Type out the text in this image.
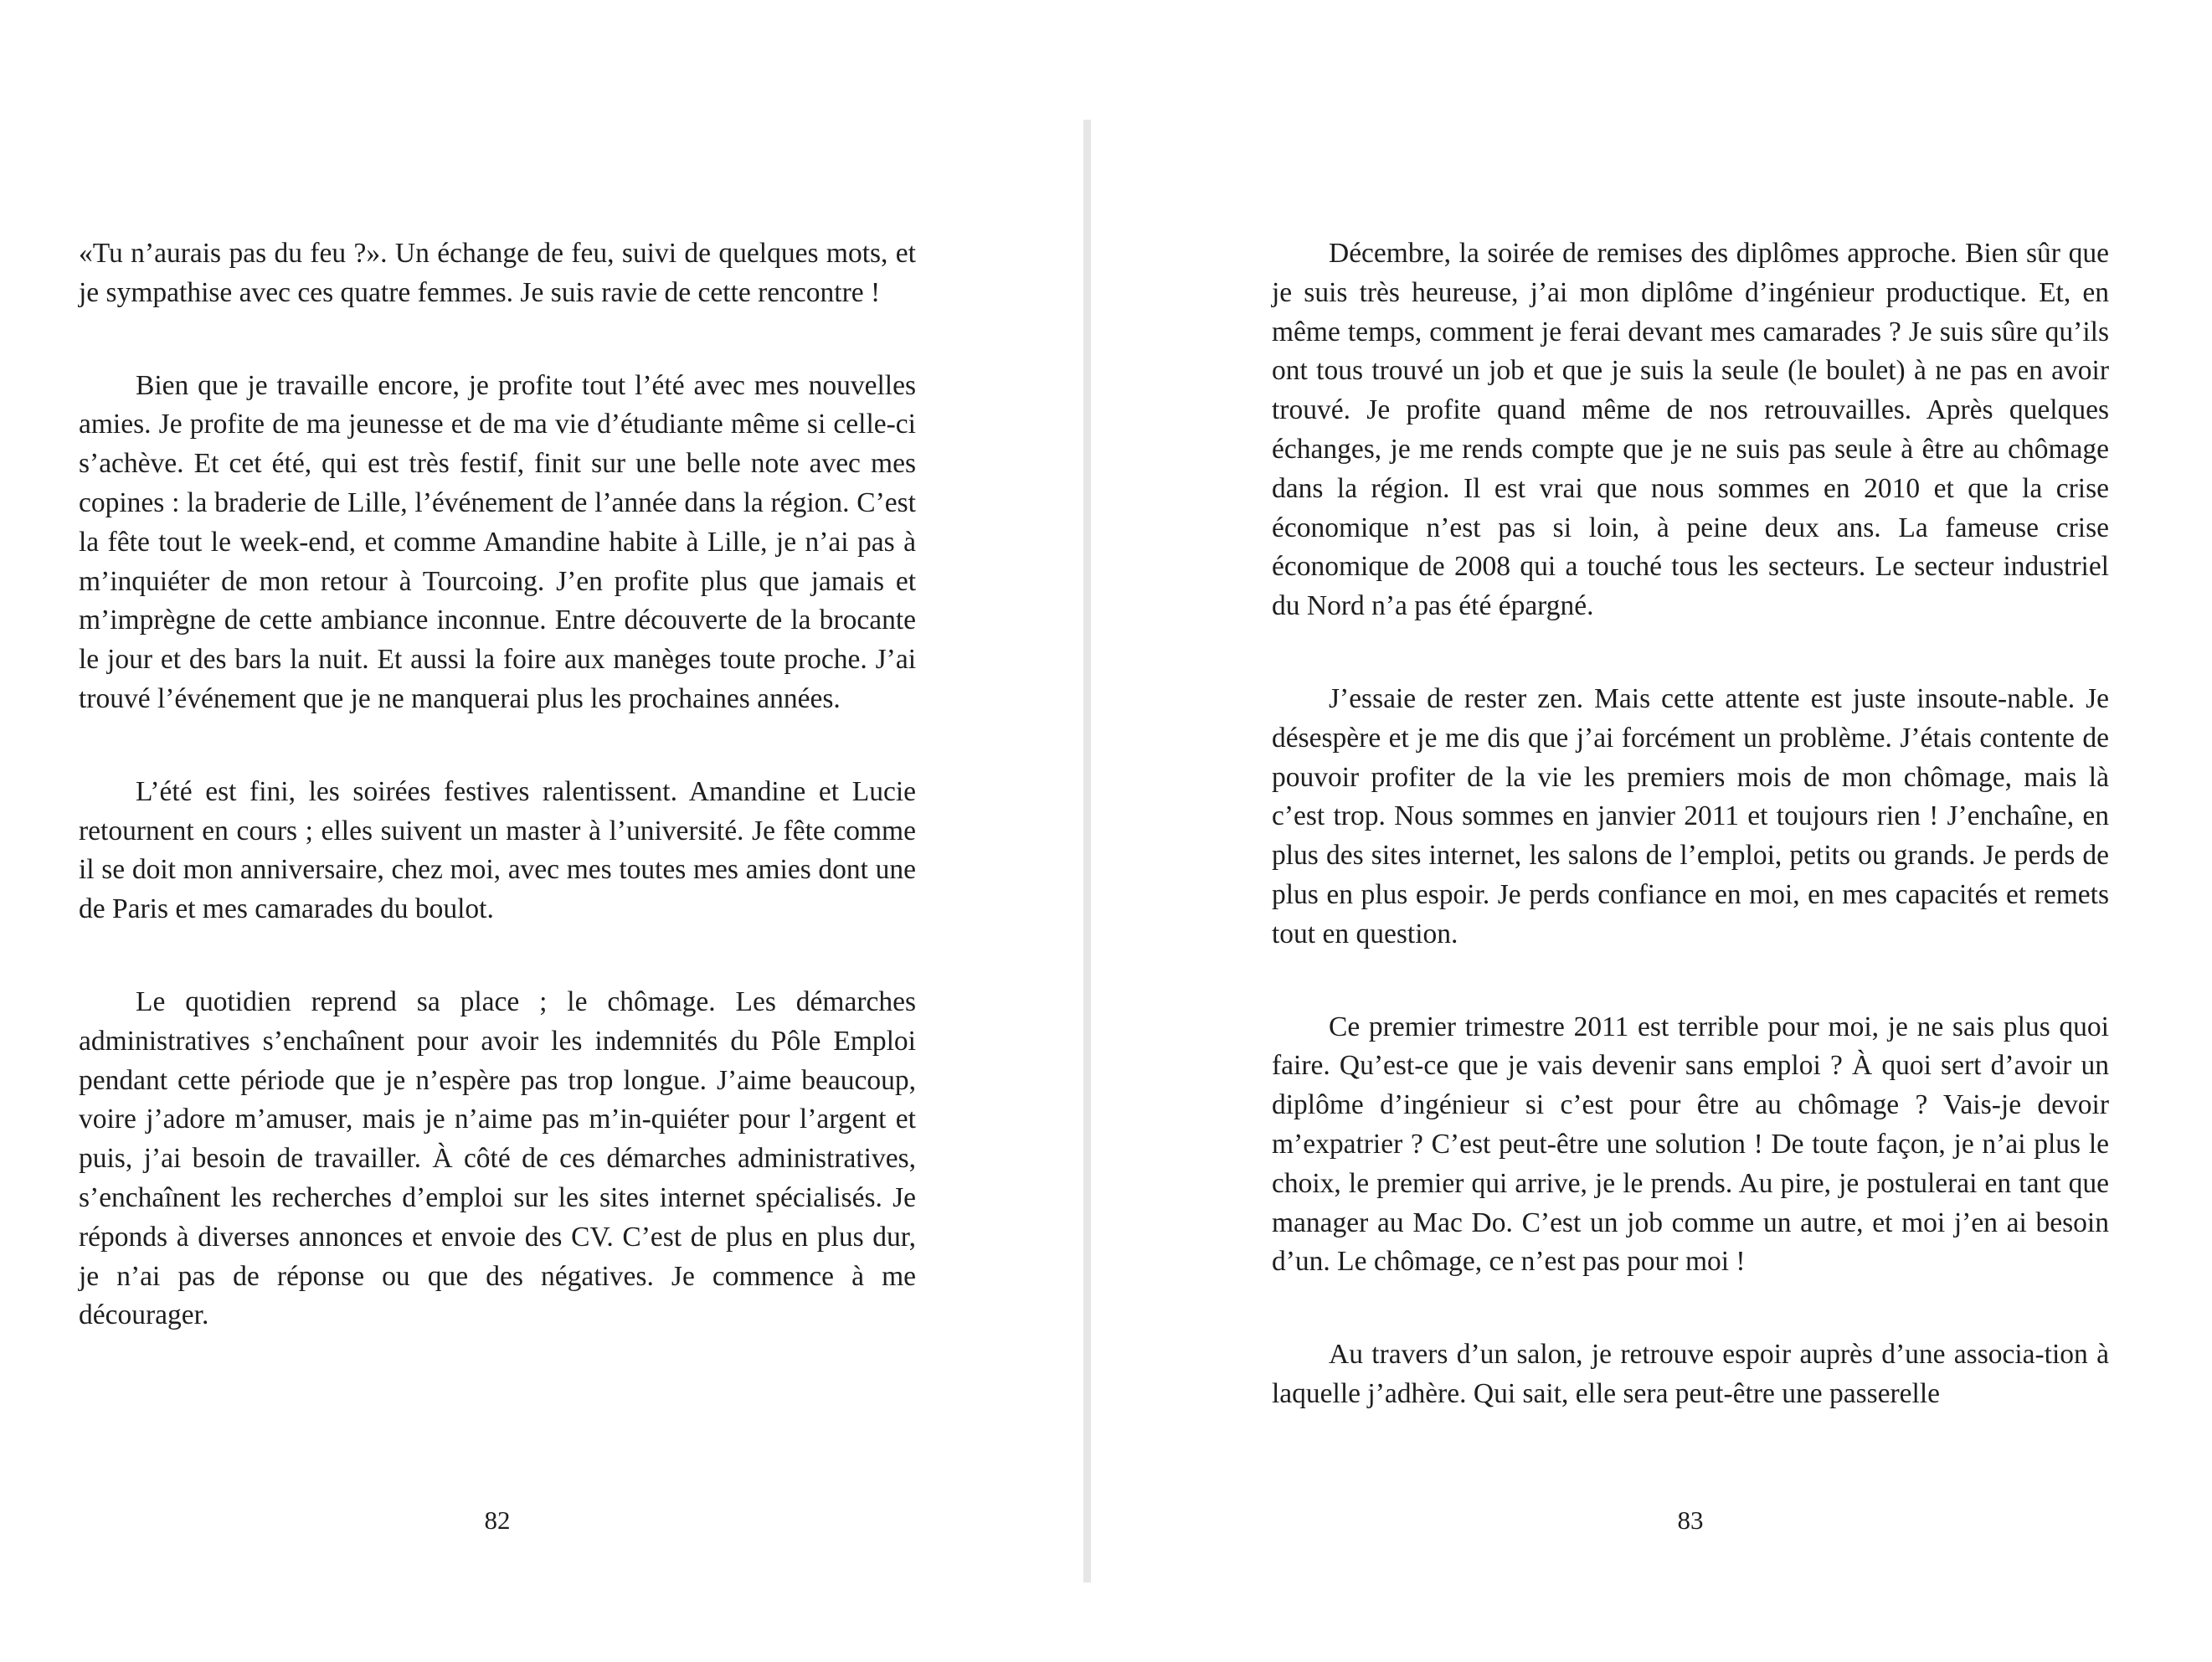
«Tu n’aurais pas du feu ?». Un échange de feu, suivi de quelques mots, et je sympathise avec ces quatre femmes. Je suis ravie de cette rencontre !

Bien que je travaille encore, je profite tout l’été avec mes nouvelles amies. Je profite de ma jeunesse et de ma vie d’étudiante même si celle-ci s’achève. Et cet été, qui est très festif, finit sur une belle note avec mes copines : la braderie de Lille, l’événement de l’année dans la région. C’est la fête tout le week-end, et comme Amandine habite à Lille, je n’ai pas à m’inquiéter de mon retour à Tourcoing. J’en profite plus que jamais et m’imprègne de cette ambiance inconnue. Entre découverte de la brocante le jour et des bars la nuit. Et aussi la foire aux manèges toute proche. J’ai trouvé l’événement que je ne manquerai plus les prochaines années.

L’été est fini, les soirées festives ralentissent. Amandine et Lucie retournent en cours ; elles suivent un master à l’université. Je fête comme il se doit mon anniversaire, chez moi, avec mes toutes mes amies dont une de Paris et mes camarades du boulot.

Le quotidien reprend sa place ; le chômage. Les démarches administratives s’enchaînent pour avoir les indemnités du Pôle Emploi pendant cette période que je n’espère pas trop longue. J’aime beaucoup, voire j’adore m’amuser, mais je n’aime pas m’in-quiéter pour l’argent et puis, j’ai besoin de travailler. À côté de ces démarches administratives, s’enchaînent les recherches d’emploi sur les sites internet spécialisés. Je réponds à diverses annonces et envoie des CV. C’est de plus en plus dur, je n’ai pas de réponse ou que des négatives. Je commence à me décourager.

82

Décembre, la soirée de remises des diplômes approche. Bien sûr que je suis très heureuse, j’ai mon diplôme d’ingénieur productique. Et, en même temps, comment je ferai devant mes camarades ? Je suis sûre qu’ils ont tous trouvé un job et que je suis la seule (le boulet) à ne pas en avoir trouvé. Je profite quand même de nos retrouvailles. Après quelques échanges, je me rends compte que je ne suis pas seule à être au chômage dans la région. Il est vrai que nous sommes en 2010 et que la crise économique n’est pas si loin, à peine deux ans. La fameuse crise économique de 2008 qui a touché tous les secteurs. Le secteur industriel du Nord n’a pas été épargné.

J’essaie de rester zen. Mais cette attente est juste insoute-nable. Je désespère et je me dis que j’ai forcément un problème. J’étais contente de pouvoir profiter de la vie les premiers mois de mon chômage, mais là c’est trop. Nous sommes en janvier 2011 et toujours rien ! J’enchaîne, en plus des sites internet, les salons de l’emploi, petits ou grands. Je perds de plus en plus espoir. Je perds confiance en moi, en mes capacités et remets tout en question.

Ce premier trimestre 2011 est terrible pour moi, je ne sais plus quoi faire. Qu’est-ce que je vais devenir sans emploi ? À quoi sert d’avoir un diplôme d’ingénieur si c’est pour être au chômage ? Vais-je devoir m’expatrier ? C’est peut-être une solution ! De toute façon, je n’ai plus le choix, le premier qui arrive, je le prends. Au pire, je postulerai en tant que manager au Mac Do. C’est un job comme un autre, et moi j’en ai besoin d’un. Le chômage, ce n’est pas pour moi !

Au travers d’un salon, je retrouve espoir auprès d’une associa-tion à laquelle j’adhère. Qui sait, elle sera peut-être une passerelle

83
